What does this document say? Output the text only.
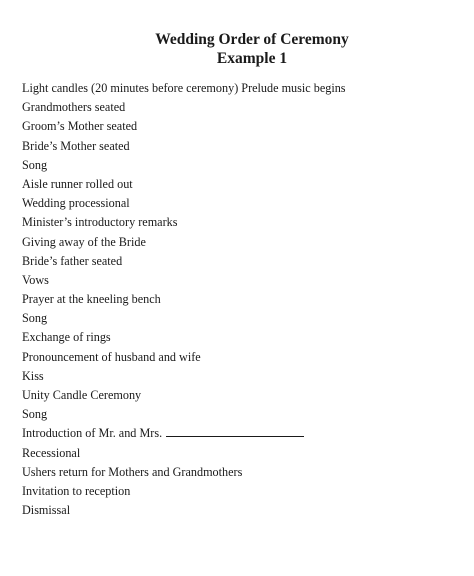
Wedding Order of Ceremony
Example 1
Light candles (20 minutes before ceremony) Prelude music begins
Grandmothers seated
Groom’s Mother seated
Bride’s Mother seated
Song
Aisle runner rolled out
Wedding processional
Minister’s introductory remarks
Giving away of the Bride
Bride’s father seated
Vows
Prayer at the kneeling bench
Song
Exchange of rings
Pronouncement of husband and wife
Kiss
Unity Candle Ceremony
Song
Introduction of Mr. and Mrs.
Recessional
Ushers return for Mothers and Grandmothers
Invitation to reception
Dismissal
